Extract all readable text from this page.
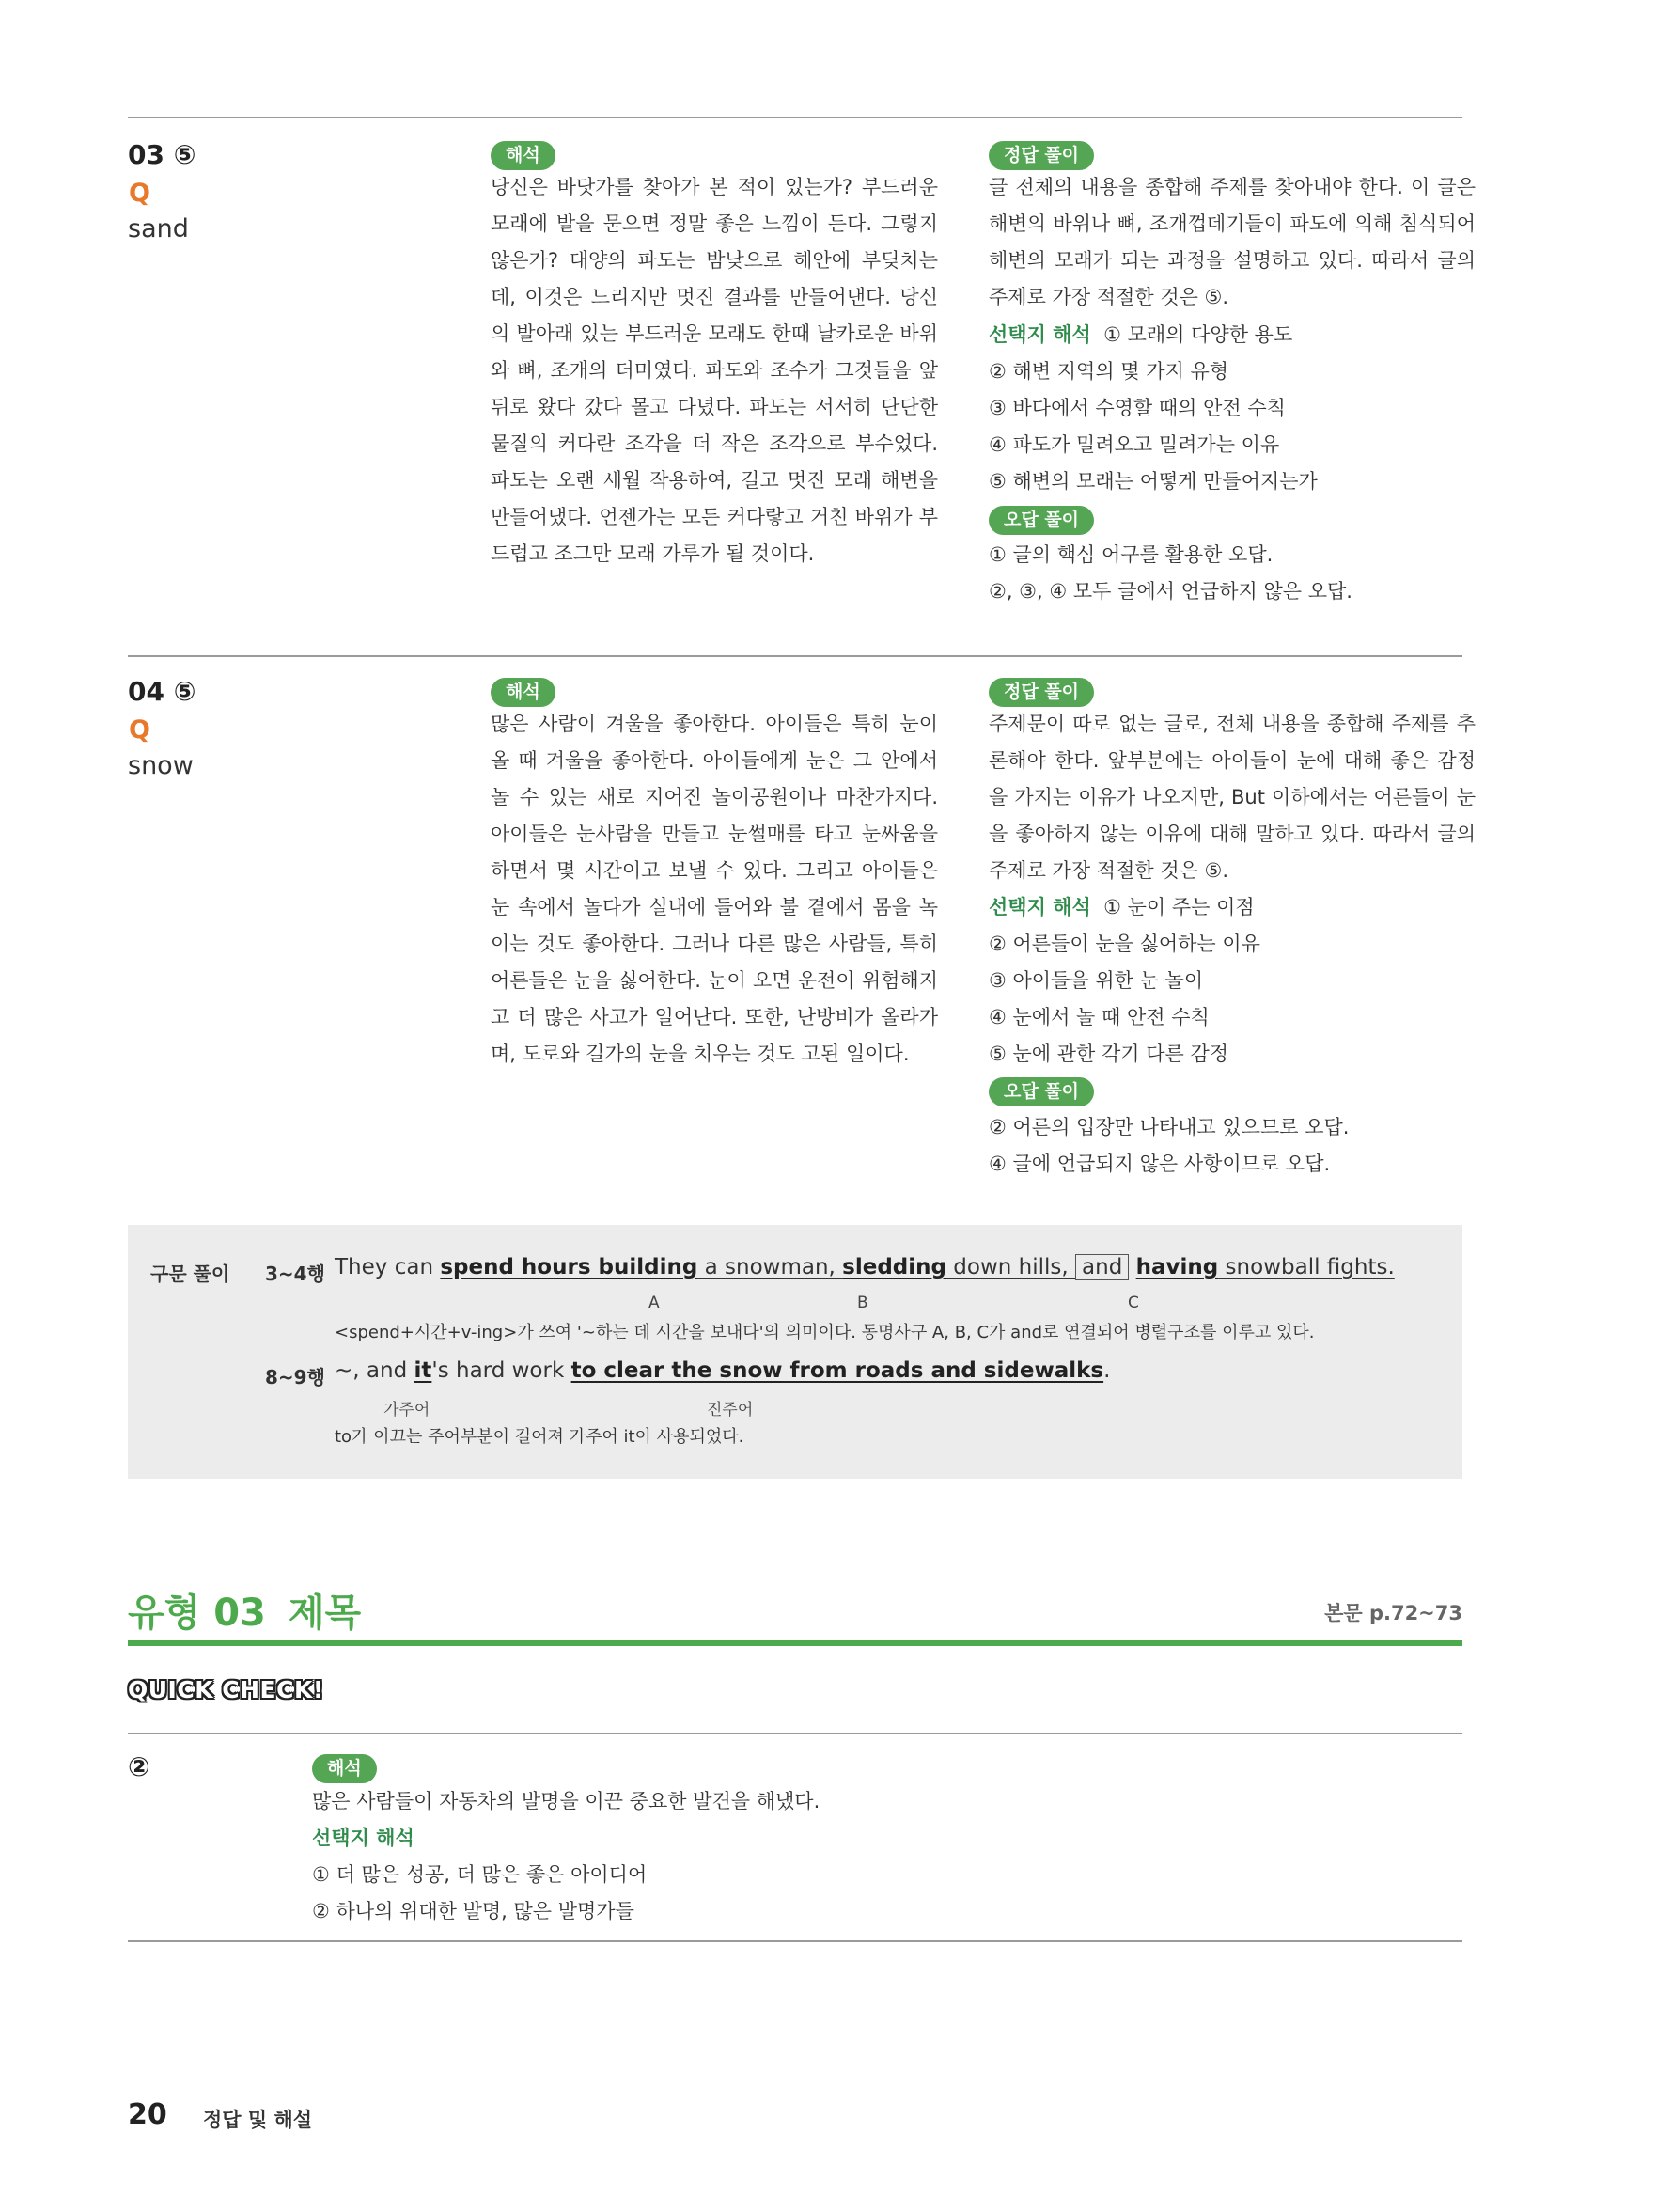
03 ⑤
Q
sand
해석

당신은 바닷가를 찾아가 본 적이 있는가? 부드러운 모래에 발을 묻으면 정말 좋은 느낌이 든다. 그렇지 않은가? 대양의 파도는 밤낮으로 해안에 부딪치는데, 이것은 느리지만 멋진 결과를 만들어낸다. 당신의 발아래 있는 부드러운 모래도 한때 날카로운 바위와 뼈, 조개의 더미였다. 파도와 조수가 그것들을 앞뒤로 왔다 갔다 몰고 다녔다. 파도는 서서히 단단한 물질의 커다란 조각을 더 작은 조각으로 부수었다. 파도는 오랜 세월 작용하여, 길고 멋진 모래 해변을 만들어냈다. 언젠가는 모든 커다랗고 거친 바위가 부드럽고 조그만 모래 가루가 될 것이다.

정답 풀이

글 전체의 내용을 종합해 주제를 찾아내야 한다. 이 글은 해변의 바위나 뼈, 조개껍데기들이 파도에 의해 침식되어 해변의 모래가 되는 과정을 설명하고 있다. 따라서 글의 주제로 가장 적절한 것은 ⑤.

선택지 해석 ① 모래의 다양한 용도
② 해변 지역의 몇 가지 유형
③ 바다에서 수영할 때의 안전 수칙
④ 파도가 밀려오고 밀려가는 이유
⑤ 해변의 모래는 어떻게 만들어지는가
오답 풀이
① 글의 핵심 어구를 활용한 오답.
②, ③, ④ 모두 글에서 언급하지 않은 오답.
04 ⑤
Q
snow
해석

많은 사람이 겨울을 좋아한다. 아이들은 특히 눈이 올 때 겨울을 좋아한다. 아이들에게 눈은 그 안에서 놀 수 있는 새로 지어진 놀이공원이나 마찬가지다. 아이들은 눈사람을 만들고 눈썰매를 타고 눈싸움을 하면서 몇 시간이고 보낼 수 있다. 그리고 아이들은 눈 속에서 놀다가 실내에 들어와 불 곁에서 몸을 녹이는 것도 좋아한다. 그러나 다른 많은 사람들, 특히 어른들은 눈을 싫어한다. 눈이 오면 운전이 위험해지고 더 많은 사고가 일어난다. 또한, 난방비가 올라가며, 도로와 길가의 눈을 치우는 것도 고된 일이다.

정답 풀이

주제문이 따로 없는 글로, 전체 내용을 종합해 주제를 추론해야 한다. 앞부분에는 아이들이 눈에 대해 좋은 감정을 가지는 이유가 나오지만, But 이하에서는 어른들이 눈을 좋아하지 않는 이유에 대해 말하고 있다. 따라서 글의 주제로 가장 적절한 것은 ⑤.

선택지 해석 ① 눈이 주는 이점
② 어른들이 눈을 싫어하는 이유
③ 아이들을 위한 눈 놀이
④ 눈에서 놀 때 안전 수칙
⑤ 눈에 관한 각기 다른 감정
오답 풀이
② 어른의 입장만 나타내고 있으므로 오답.
④ 글에 언급되지 않은 사항이므로 오답.
구문 풀이 3~4행 They can spend hours building a snowman, sledding down hills, and having snowball fights.
A	B	C
<spend+시간+v-ing>가 쓰여 '~하는 데 시간을 보내다'의 의미이다. 동명사구 A, B, C가 and로 연결되어 병렬구조를 이루고 있다.
8~9행 ~, and it's hard work to clear the snow from roads and sidewalks.
가주어	진주어
to가 이끄는 주어부분이 길어져 가주어 it이 사용되었다.
유형 03 제목	본문 p.72~73
QUICK CHECK!
②	해석
많은 사람들이 자동차의 발명을 이끈 중요한 발견을 해냈다.
선택지 해석
① 더 많은 성공, 더 많은 좋은 아이디어
② 하나의 위대한 발명, 많은 발명가들
20 정답 및 해설
